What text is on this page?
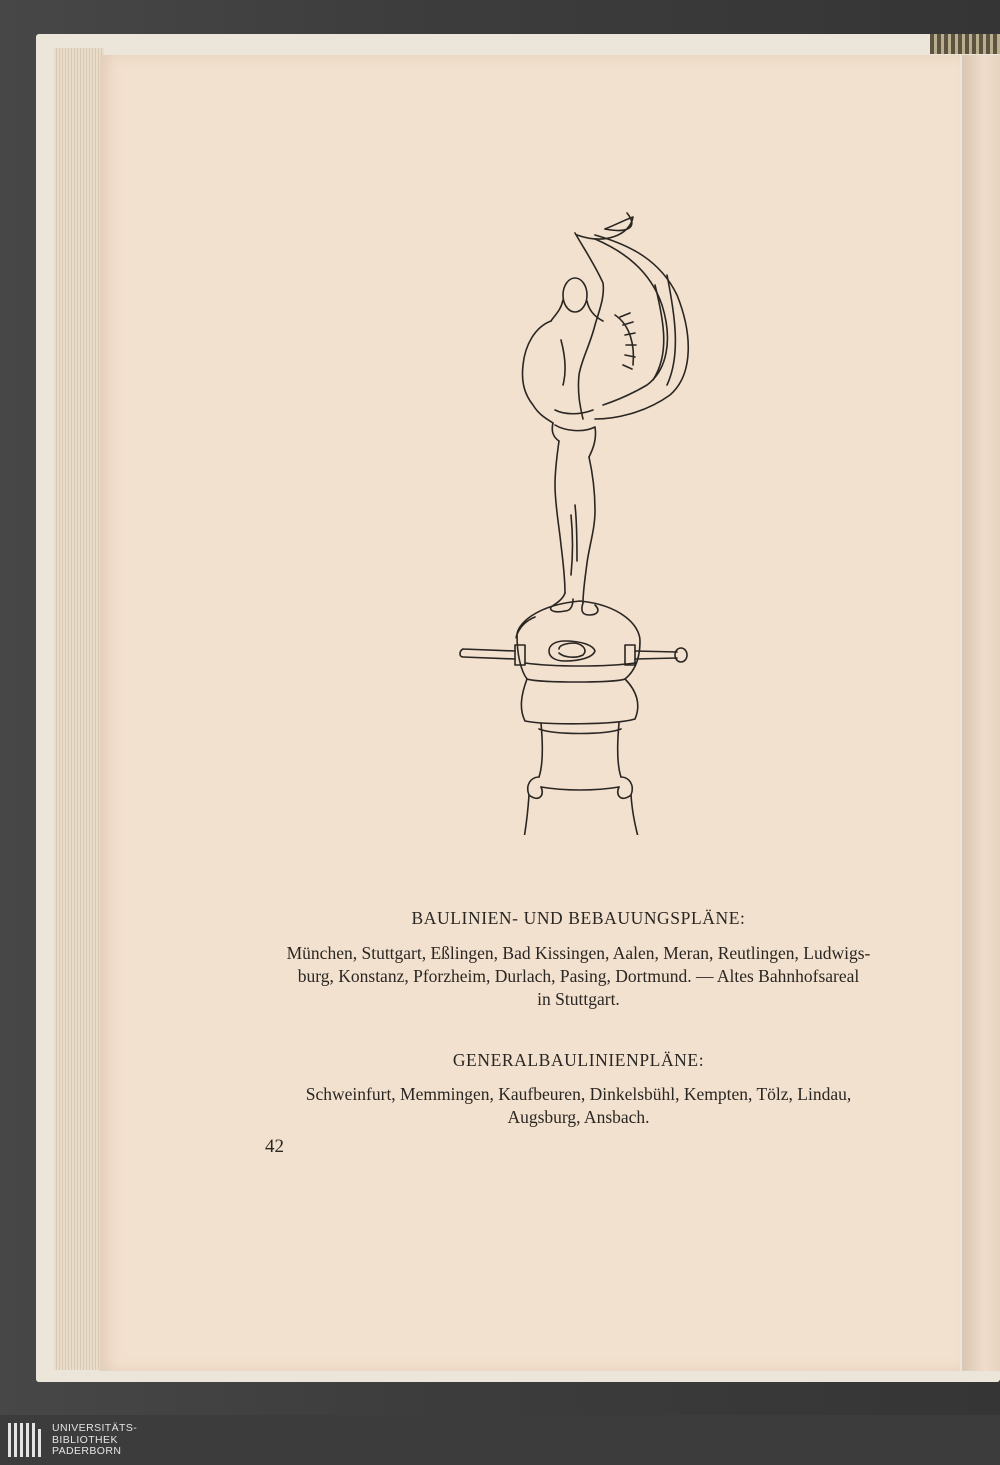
BAULINIEN- UND BEBAUUNGSPLÄNE:
München, Stuttgart, Eßlingen, Bad Kissingen, Aalen, Meran, Reutlingen, Ludwigs-
burg, Konstanz, Pforzheim, Durlach, Pasing, Dortmund. — Altes Bahnhofsareal
in Stuttgart.
GENERALBAULINIENPLÄNE:
Schweinfurt, Memmingen, Kaufbeuren, Dinkelsbühl, Kempten, Tölz, Lindau,
Augsburg, Ansbach.
42
UNIVERSITÄTS-
BIBLIOTHEK
PADERBORN
